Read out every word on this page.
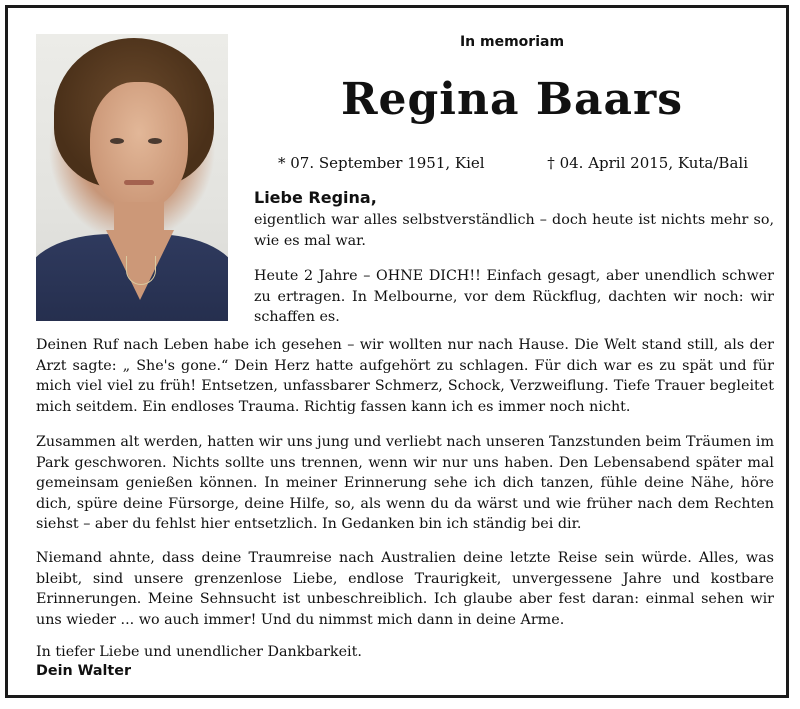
In memoriam
Regina Baars
* 07. September 1951, Kiel	† 04. April 2015, Kuta/Bali
Liebe Regina,
eigentlich war alles selbstverständlich – doch heute ist nichts mehr so, wie es mal war.
Heute 2 Jahre – OHNE DICH!! Einfach gesagt, aber unendlich schwer zu ertragen. In Melbourne, vor dem Rückflug, dachten wir noch: wir schaffen es.
Deinen Ruf nach Leben habe ich gesehen – wir wollten nur nach Hause. Die Welt stand still, als der Arzt sagte: „ She's gone.“ Dein Herz hatte aufgehört zu schlagen. Für dich war es zu spät und für mich viel viel zu früh! Entsetzen, unfassbarer Schmerz, Schock, Verzweiflung. Tiefe Trauer begleitet mich seitdem. Ein endloses Trauma. Richtig fassen kann ich es immer noch nicht.
Zusammen alt werden, hatten wir uns jung und verliebt nach unseren Tanzstunden beim Träumen im Park geschworen. Nichts sollte uns trennen, wenn wir nur uns haben. Den Lebensabend später mal gemeinsam genießen können. In meiner Erinnerung sehe ich dich tanzen, fühle deine Nähe, höre dich, spüre deine Fürsorge, deine Hilfe, so, als wenn du da wärst und wie früher nach dem Rechten siehst – aber du fehlst hier entsetzlich. In Gedanken bin ich ständig bei dir.
Niemand ahnte, dass deine Traumreise nach Australien deine letzte Reise sein würde. Alles, was bleibt, sind unsere grenzenlose Liebe, endlose Traurigkeit, unvergessene Jahre und kostbare Erinnerungen. Meine Sehnsucht ist unbeschreiblich. Ich glaube aber fest daran: einmal sehen wir uns wieder ... wo auch immer! Und du nimmst mich dann in deine Arme.
In tiefer Liebe und unendlicher Dankbarkeit.
Dein Walter
